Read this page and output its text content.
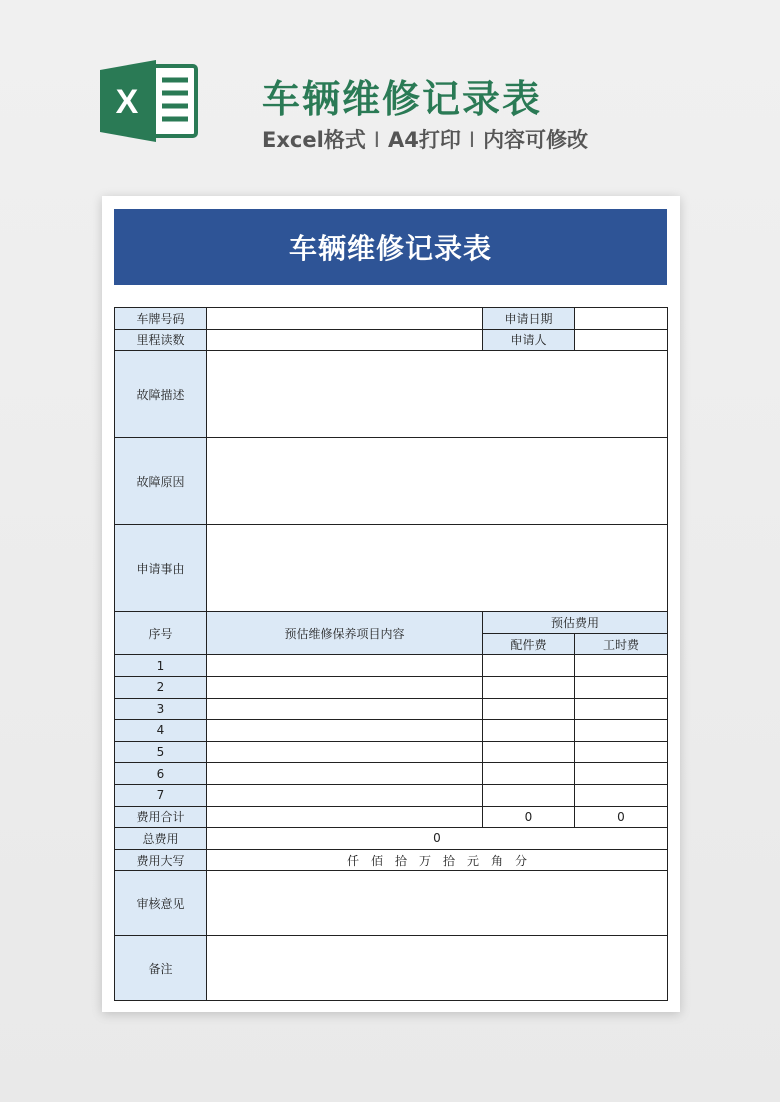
X	车辆维修记录表
Excel格式 I A4打印 I 内容可修改
车辆维修记录表
车牌号码		申请日期	
里程读数		申请人	
故障描述			
故障原因			
申请事由			
序号	预估维修保养项目内容	预估费用	
		配件费	工时费
1			
2			
3			
4			
5			
6			
7			
费用合计		0	0
总费用	0		
费用大写	仟 佰 拾 万 拾 元 角 分		
审核意见			
备注			
